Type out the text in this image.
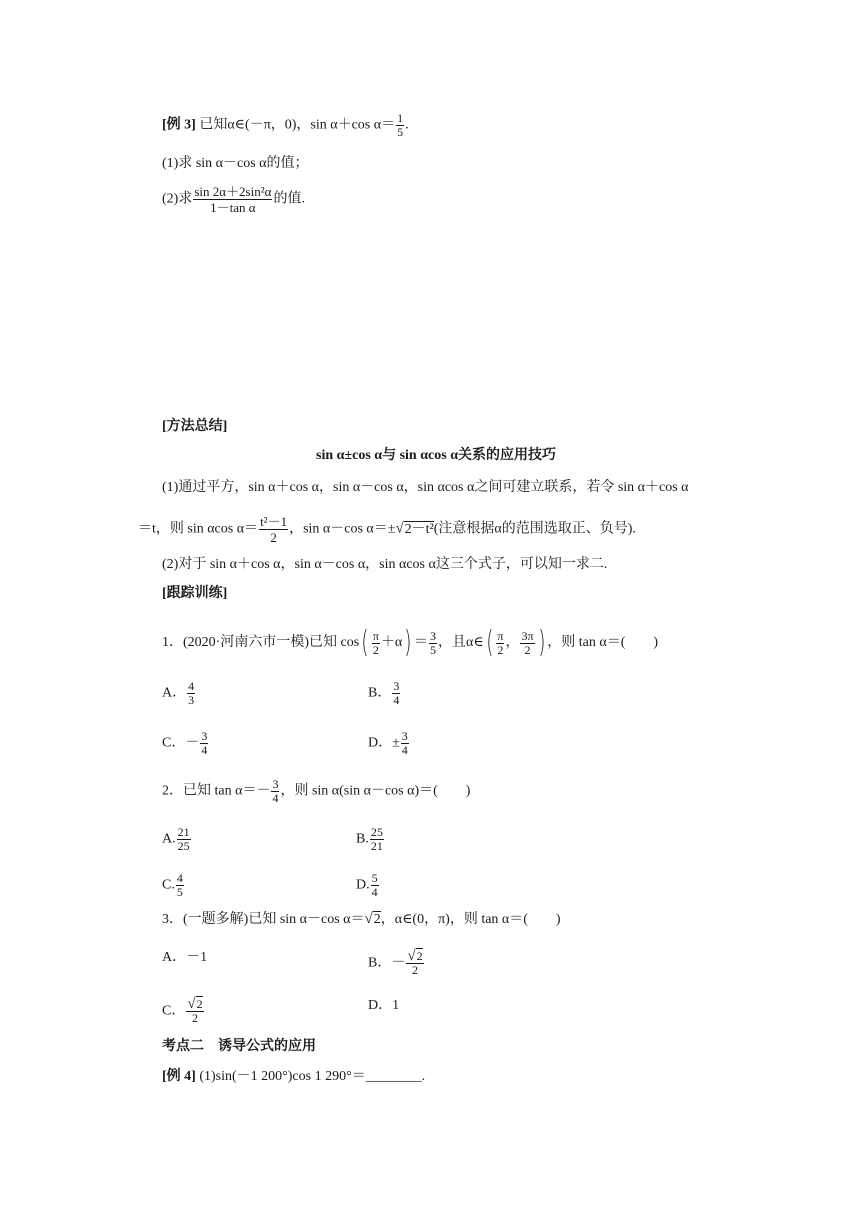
[例 3] 已知α∈(－π，0)，sin α＋cos $\alpha= \frac{1}{5}$ .
(1)求 sin α－cos α的值；
(2)求 $\frac{\text{sin 2α＋2sin²α}}{\text{1－tan α}}$ 的值.
[方法总结]
sin α±cos α与 sin αcos α关系的应用技巧
(1)通过平方，sin α＋cos α，sin α－cos α，sin αcos α之间可建立联系，若令 sin α＋cos α
＝t，则 sin αcos $\alpha= \frac{\text{t²－1}}{2}$ ，sin α－cos α＝±√2－t²(注意根据α的范围选取正、负号).
(2)对于 sin α＋cos α，sin α－cos α，sin αcos α这三个式子，可以知一求二.
[跟踪训练]
1．(2020·河南六市一模)已知 $\cos( \frac{\pi}{2} +\alpha) = \frac{3}{5}$ ，且α∈( $\frac{\pi}{2}$ ， $\frac{3\pi}{2}$ ) ，则 tan α＝(　　)
A． $\frac{4}{3}$	B． $\frac{3}{4}$
C．－ $\frac{3}{4}$	D．± $\frac{3}{4}$
2．已知 $\tan \alpha=- \frac{3}{4}$ ，则 sin α(sin α－cos α)＝(　　)
A. $\frac{21}{25}$	B. $\frac{25}{21}$
C. $\frac{4}{5}$	D. $\frac{5}{4}$
3．(一题多解)已知 sin α－cos α＝√2，α∈(0，π)，则 tan α＝(　　)
A．－1	B．－ $\frac{√2}{2}$
C． $\frac{√2}{2}$	D．1
考点二　诱导公式的应用
[例 4] (1)sin(－1 200°)cos 1 290°＝________.
